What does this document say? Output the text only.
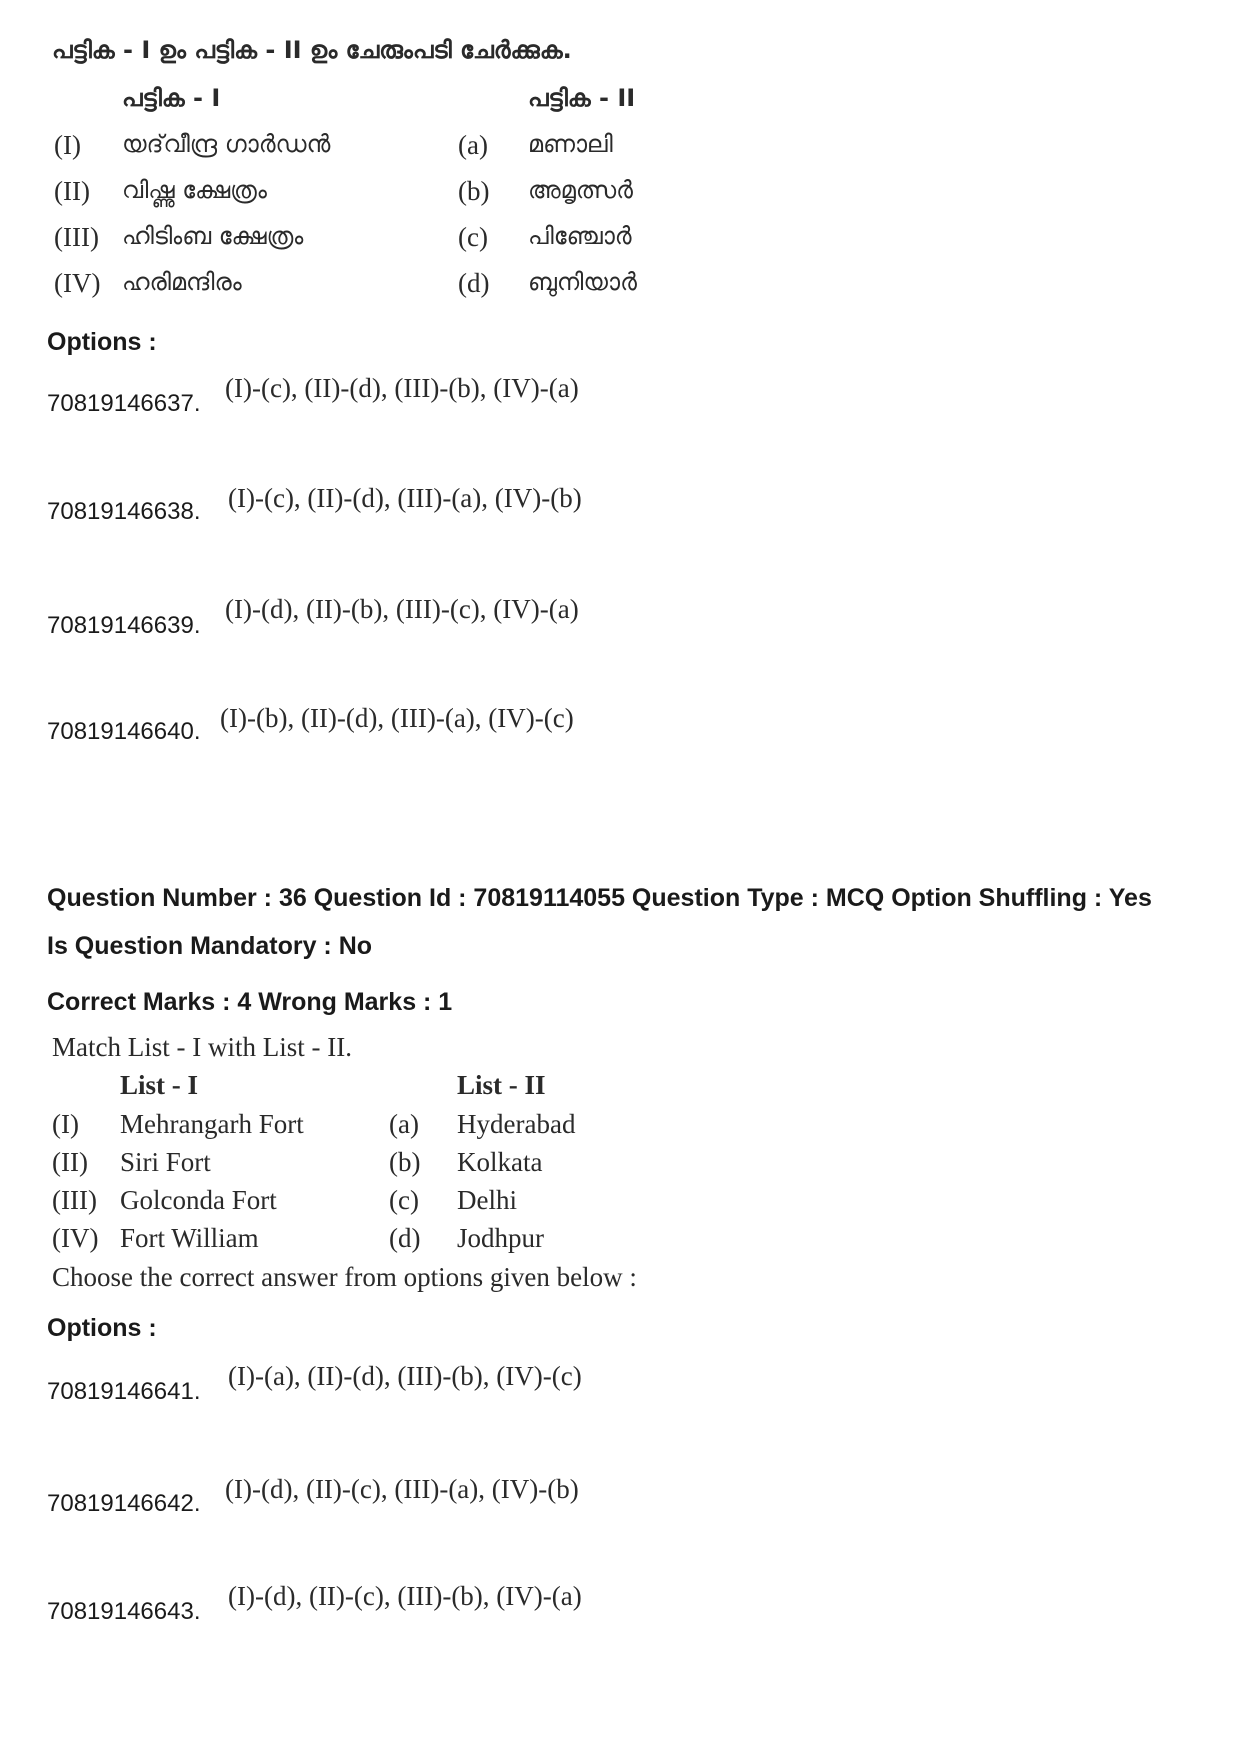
പട്ടിക - I ഉം പട്ടിക - II ഉം ചേരുംപടി ചേർക്കുക.
പട്ടിക - I	പട്ടിക - II
(I) യദ്‌വീന്ദ്ര ഗാർഡൻ	(a) മണാലി
(II) വിഷ്ണു ക്ഷേത്രം	(b) അമൃത്സർ
(III) ഹിടിംബ ക്ഷേത്രം	(c) പിഞ്ചോർ
(IV) ഹരിമന്ദിരം	(d) ബുനിയാർ
Options :
70819146637.
(I)-(c), (II)-(d), (III)-(b), (IV)-(a)
70819146638. (I)-(c), (II)-(d), (III)-(a), (IV)-(b)
70819146639.
(I)-(d), (II)-(b), (III)-(c), (IV)-(a)
70819146640. (I)-(b), (II)-(d), (III)-(a), (IV)-(c)
Question Number : 36 Question Id : 70819114055 Question Type : MCQ Option Shuffling : Yes
Is Question Mandatory : No
Correct Marks : 4 Wrong Marks : 1
Match List - I with List - II.
List - I	List - II
(I) Mehrangarh Fort	(a) Hyderabad
(II) Siri Fort	(b) Kolkata
(III) Golconda Fort	(c) Delhi
(IV) Fort William	(d) Jodhpur
Choose the correct answer from options given below :
Options :
70819146641.
(I)-(a), (II)-(d), (III)-(b), (IV)-(c)
70819146642. (I)-(d), (II)-(c), (III)-(a), (IV)-(b)
70819146643.
(I)-(d), (II)-(c), (III)-(b), (IV)-(a)
